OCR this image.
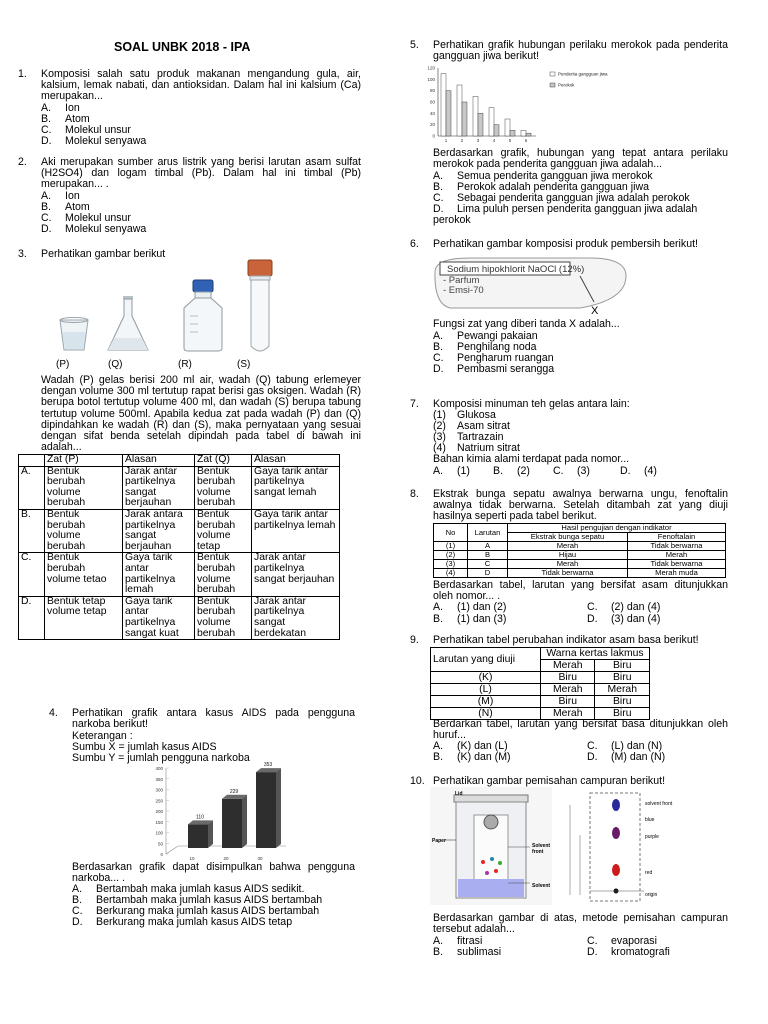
SOAL UNBK 2018 - IPA
1.	Komposisi salah satu produk makanan mengandung gula, air, kalsium, lemak nabati, dan antioksidan. Dalam hal ini kalsium (Ca) merupakan...
A. Ion
B. Atom
C. Molekul unsur
D. Molekul senyawa
2.	Aki merupakan sumber arus listrik yang berisi larutan asam sulfat (H2SO4) dan logam timbal (Pb). Dalam hal ini timbal (Pb) merupakan... .
A. Ion
B. Atom
C. Molekul unsur
D. Molekul senyawa
3.	Perhatikan gambar berikut
(P)	(Q)	(R)	(S)
Wadah (P) gelas berisi 200 ml air, wadah (Q) tabung erlemeyer dengan volume 300 ml tertutup rapat berisi gas oksigen. Wadah (R) berupa botol tertutup volume 400 ml, dan wadah (S) berupa tabung tertutup volume 500ml. Apabila kedua zat pada wadah (P) dan (Q) dipindahkan ke wadah (R) dan (S), maka pernyataan yang sesuai dengan sifat benda setelah dipindah pada tabel di bawah ini adalah...
	Zat (P)	Alasan	Zat (Q)	Alasan
A.	Bentuk berubah volume berubah	Jarak antar partikelnya sangat berjauhan	Bentuk berubah volume berubah	Gaya tarik antar partikelnya sangat lemah
B.	Bentuk berubah volume berubah	Jarak antara partikelnya sangat berjauhan	Bentuk berubah volume tetap	Gaya tarik antar partikelnya lemah
C.	Bentuk berubah volume tetao	Gaya tarik antar partikelnya lemah	Bentuk berubah volume berubah	Jarak antar partikelnya sangat berjauhan
D.	Bentuk tetap volume tetap	Gaya tarik antar partikelnya sangat kuat	Bentuk berubah volume berubah	Jarak antar partikelnya sangat berdekatan
4.	Perhatikan grafik antara kasus AIDS pada pengguna narkoba berikut!
Keterangan :
Sumbu X = jumlah kasus AIDS
Sumbu Y = jumlah pengguna narkoba
0
50
100
150
200
250
300
350
400
110
10
229
20
353
30
Berdasarkan grafik dapat disimpulkan bahwa pengguna narkoba... .
A. Bertambah maka jumlah kasus AIDS sedikit.
B. Bertambah maka jumlah kasus AIDS bertambah
C. Berkurang maka jumlah kasus AIDS bertambah
D. Berkurang maka jumlah kasus AIDS tetap
5.	Perhatikan grafik hubungan perilaku merokok pada penderita gangguan jiwa berikut!
0
20
40
60
80
100
120
1	2	3	4	5	6
Penderita gangguan jiwa
Perokok
Berdasarkan grafik, hubungan yang tepat antara perilaku merokok pada penderita gangguan jiwa adalah...
A. Semua penderita gangguan jiwa merokok
B. Perokok adalah penderita gangguan jiwa
C. Sebagai penderita gangguan jiwa adalah perokok
D. Lima puluh persen penderita gangguan jiwa adalah perokok
6.	Perhatikan gambar komposisi produk pembersih berikut!
Sodium hipokhlorit NaOCl (12%)
- Parfum
- Emsi-70
X
Fungsi zat yang diberi tanda X adalah...
A. Pewangi pakaian
B. Penghilang noda
C. Pengharum ruangan
D. Pembasmi serangga
7.	Komposisi minuman teh gelas antara lain:
(1) Glukosa
(2) Asam sitrat
(3) Tartrazain
(4) Natrium sitrat
Bahan kimia alami terdapat pada nomor...
A. (1) B. (2) C. (3)	D. (4)
8.	Ekstrak bunga sepatu awalnya berwarna ungu, fenoftalin awalnya tidak berwarna. Setelah ditambah zat yang diuji hasilnya seperti pada tabel berikut.
No	Larutan	Hasil pengujian dengan indikator	
		Ekstrak bunga sepatu	Fenoftalain
(1)	A	Merah	Tidak berwarna
(2)	B	Hijau	Merah
(3)	C	Merah	Tidak berwarna
(4)	D	Tidak berwarna	Merah muda
Berdasarkan tabel, larutan yang bersifat asam ditunjukkan oleh nomor... .
A. (1) dan (2)
B. (1) dan (3)
C. (2) dan (4)
D. (3) dan (4)
9.	Perhatikan tabel perubahan indikator asam basa berikut!
Larutan yang diuji	Warna kertas lakmus	
	Merah	Biru
(K)	Biru	Biru
(L)	Merah	Merah
(M)	Biru	Biru
(N)	Merah	Biru
Berdarkan tabel, larutan yang bersifat basa ditunjukkan oleh huruf...
A. (K) dan (L)
B. (K) dan (M)
C. (L) dan (N)
D. (M) dan (N)
10. Perhatikan gambar pemisahan campuran berikut!
Lid
Paper
Solvent front
Solvent
solvent front
blue
purple
red
origin
Berdasarkan gambar di atas, metode pemisahan campuran tersebut adalah...
A. fitrasi
B. sublimasi
C. evaporasi
D. kromatografi
